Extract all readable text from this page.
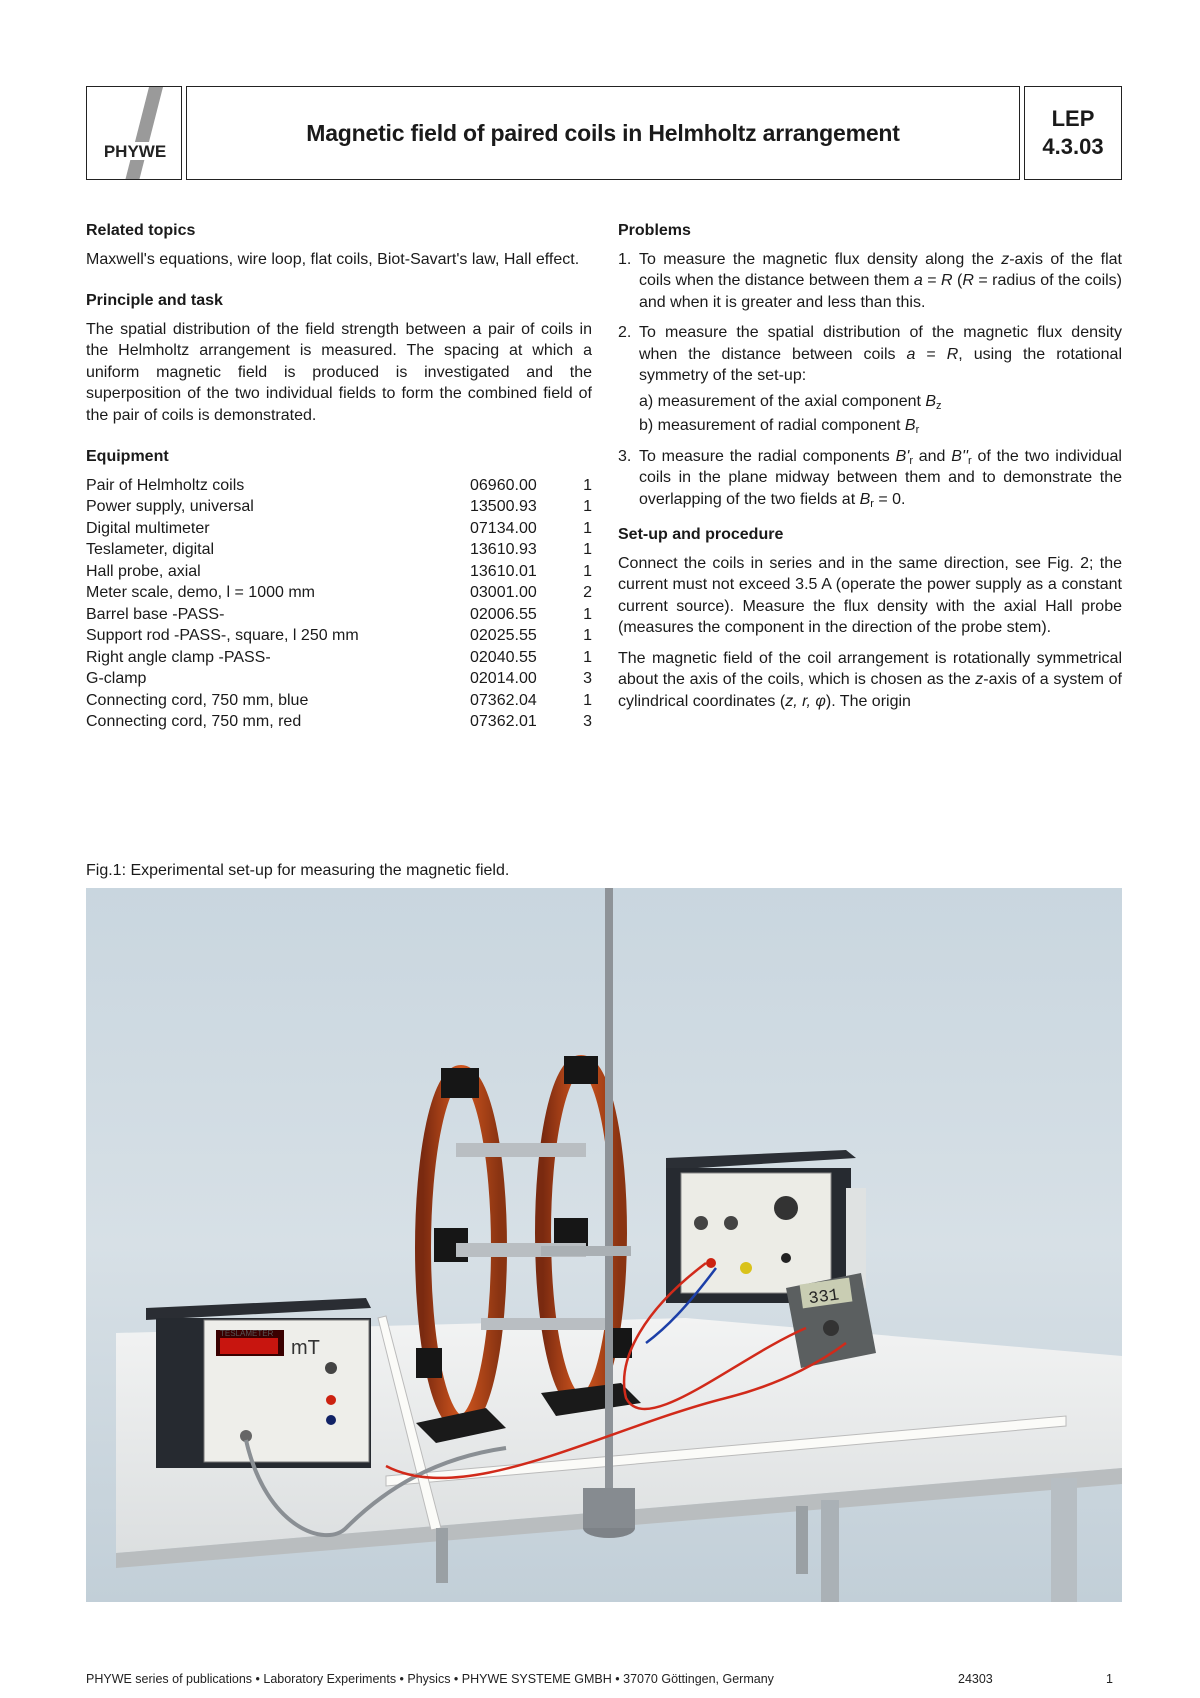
PHYWE
Magnetic field of paired coils in Helmholtz arrangement
LEP
4.3.03
Related topics

Maxwell's equations, wire loop, flat coils, Biot-Savart's law, Hall effect.

Principle and task

The spatial distribution of the field strength between a pair of coils in the Helmholtz arrangement is measured. The spacing at which a uniform magnetic field is produced is investigated and the superposition of the two individual fields to form the combined field of the pair of coils is demonstrated.

Equipment
Pair of Helmholtz coils	06960.00	1
Power supply, universal	13500.93	1
Digital multimeter	07134.00	1
Teslameter, digital	13610.93	1
Hall probe, axial	13610.01	1
Meter scale, demo, l = 1000 mm	03001.00	2
Barrel base -PASS-	02006.55	1
Support rod -PASS-, square, l 250 mm	02025.55	1
Right angle clamp -PASS-	02040.55	1
G-clamp	02014.00	3
Connecting cord, 750 mm, blue	07362.04	1
Connecting cord, 750 mm, red	07362.01	3
Problems
1. To measure the magnetic flux density along the z-axis of the flat coils when the distance between them a = R (R = radius of the coils) and when it is greater and less than this.
2. To measure the spatial distribution of the magnetic flux density when the distance between coils a = R, using the rotational symmetry of the set-up:
a) measurement of the axial component $B_z$
b) measurement of radial component $B_r$
3. To measure the radial components $B'_r$ and $B''_r$ of the two individual coils in the plane midway between them and to demonstrate the overlapping of the two fields at $B_r = 0$.
Set-up and procedure

Connect the coils in series and in the same direction, see Fig. 2; the current must not exceed 3.5 A (operate the power supply as a constant current source). Measure the flux density with the axial Hall probe (measures the component in the direction of the probe stem).

The magnetic field of the coil arrangement is rotationally symmetrical about the axis of the coils, which is chosen as the z-axis of a system of cylindrical coordinates (z, r, φ). The origin

Fig.1: Experimental set-up for measuring the magnetic field.
TESLAMETER
mT
331
PHYWE series of publications • Laboratory Experiments • Physics • PHYWE SYSTEME GMBH • 37070 Göttingen, Germany	24303	1
